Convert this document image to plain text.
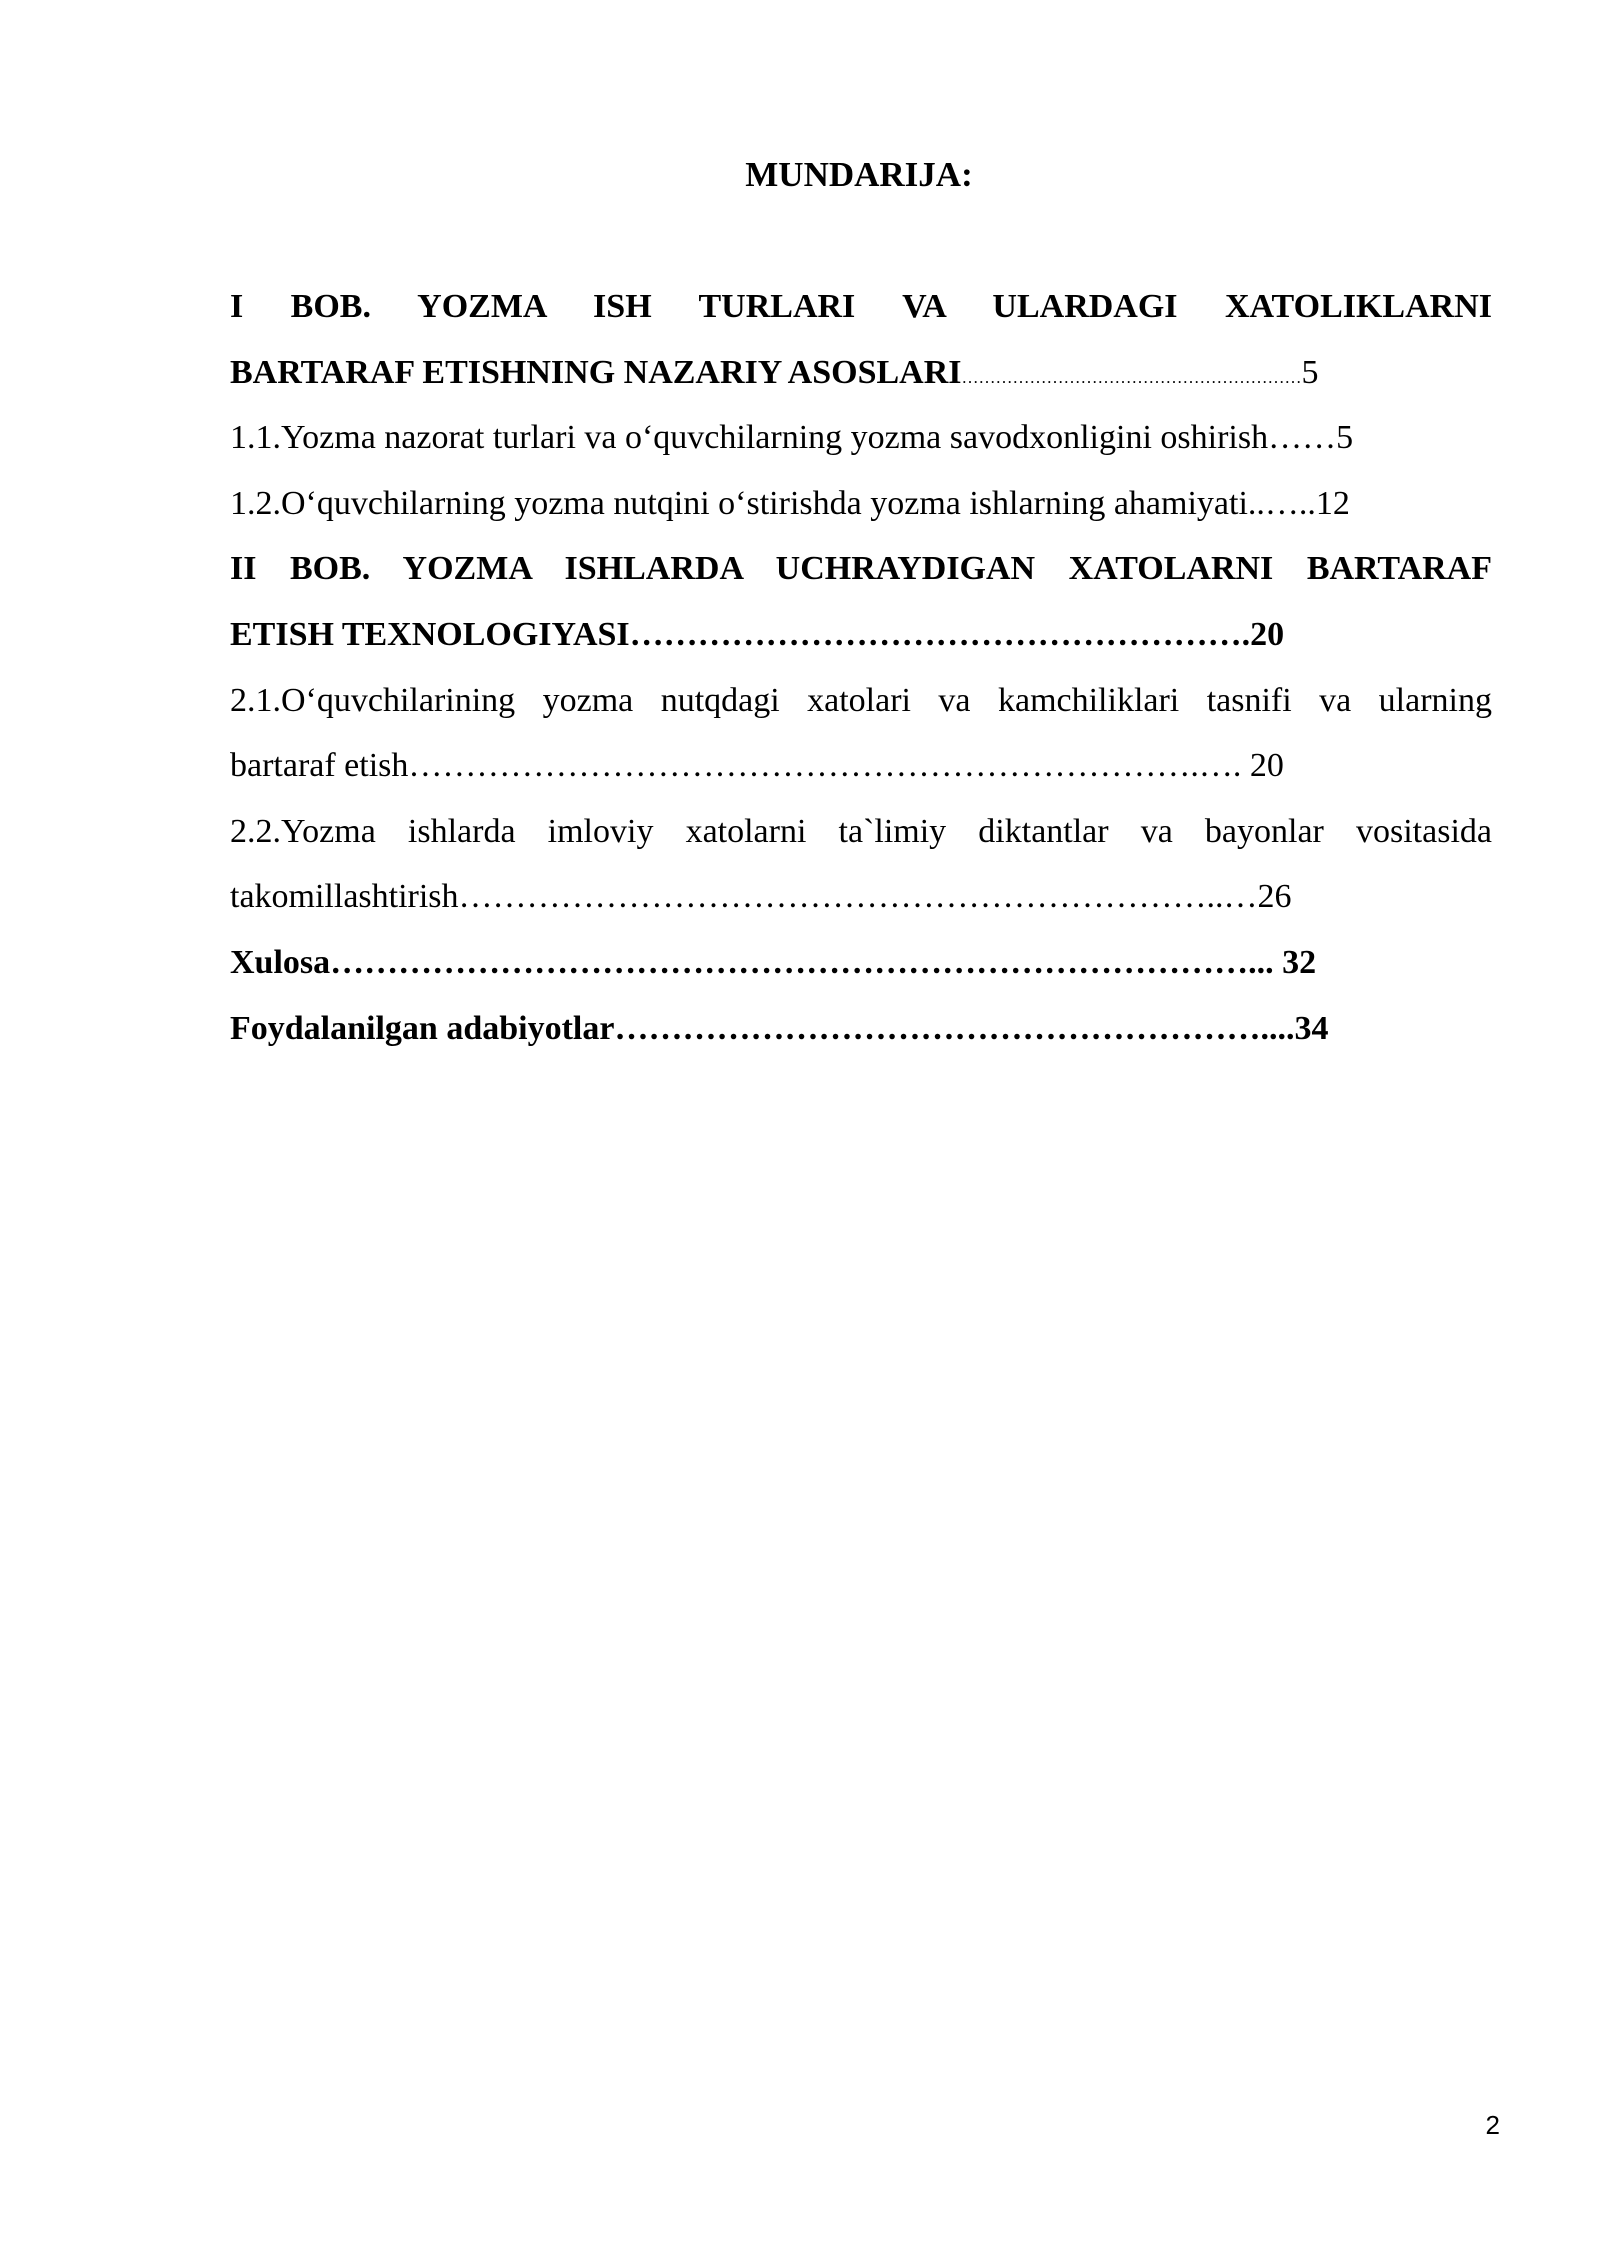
MUNDARIJA:
I BOB. YOZMA ISH TURLARI VA ULARDAGI XATOLIKLARNI
BARTARAF ETISHNING NAZARIY ASOSLARI……………………………………………………5
1.1.Yozma nazorat turlari va o‘quvchilarning yozma savodxonligini oshirish……5
1.2.O‘quvchilarning yozma nutqini o‘stirishda yozma ishlarning ahamiyati..…..12
II BOB. YOZMA ISHLARDA UCHRAYDIGAN XATOLARNI BARTARAF
ETISH TEXNOLOGIYASI……………………………………………….20
2.1.O‘quvchilarining yozma nutqdagi xatolari va kamchiliklari tasnifi va ularning
bartaraf etish…………………………………………………………….…. 20
2.2.Yozma ishlarda imloviy xatolarni ta`limiy diktantlar va bayonlar vositasida
takomillashtirish…………………………………………………………..…26
Xulosa………………………………………………………………………... 32
Foydalanilgan adabiyotlar…………………………………………………....34
2
